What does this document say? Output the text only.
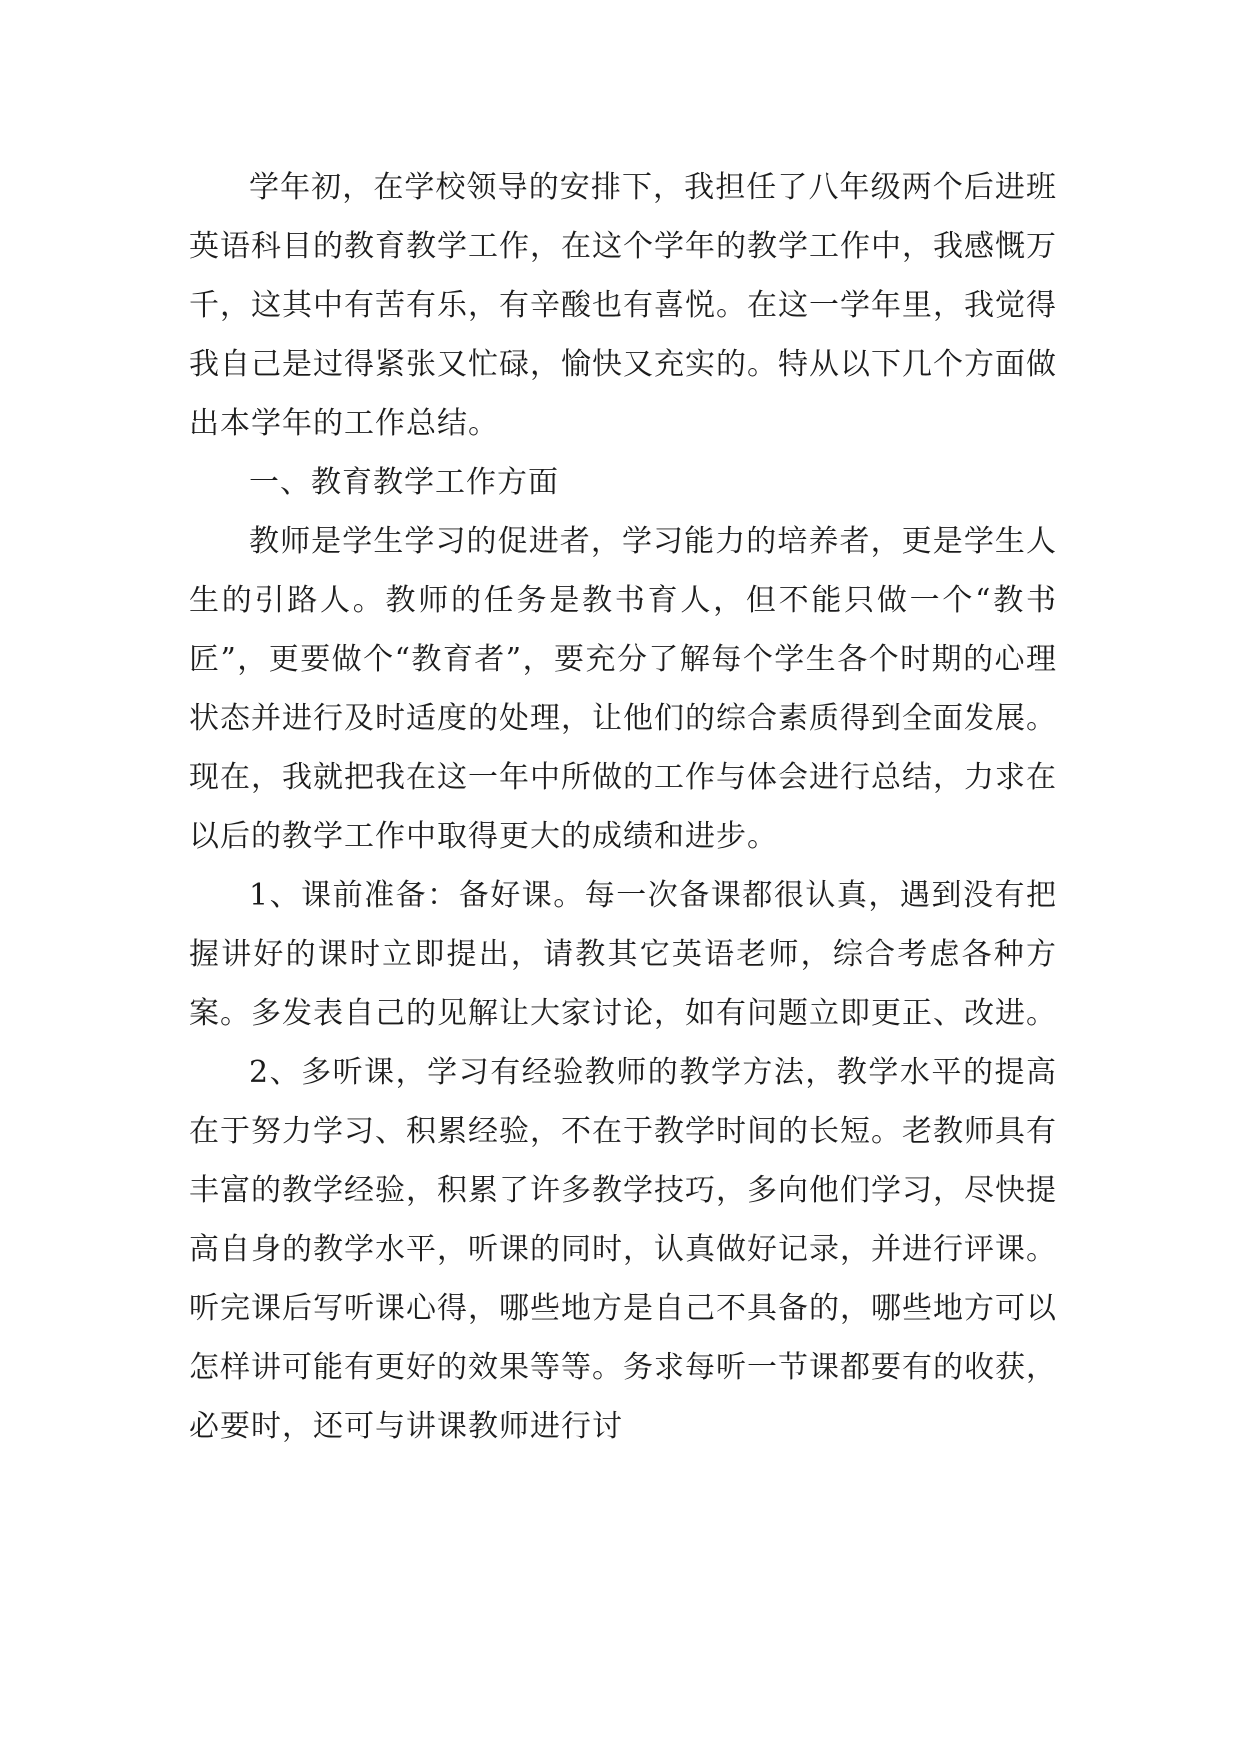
学年初，在学校领导的安排下，我担任了八年级两个后进班英语科目的教育教学工作，在这个学年的教学工作中，我感慨万千，这其中有苦有乐，有辛酸也有喜悦。在这一学年里，我觉得我自己是过得紧张又忙碌，愉快又充实的。特从以下几个方面做出本学年的工作总结。

一、教育教学工作方面

教师是学生学习的促进者，学习能力的培养者，更是学生人生的引路人。教师的任务是教书育人，但不能只做一个“教书匠”，更要做个“教育者”，要充分了解每个学生各个时期的心理状态并进行及时适度的处理，让他们的综合素质得到全面发展。现在，我就把我在这一年中所做的工作与体会进行总结，力求在以后的教学工作中取得更大的成绩和进步。

1、课前准备：备好课。每一次备课都很认真，遇到没有把握讲好的课时立即提出，请教其它英语老师，综合考虑各种方案。多发表自己的见解让大家讨论，如有问题立即更正、改进。

2、多听课，学习有经验教师的教学方法，教学水平的提高在于努力学习、积累经验，不在于教学时间的长短。老教师具有丰富的教学经验，积累了许多教学技巧，多向他们学习，尽快提高自身的教学水平，听课的同时，认真做好记录，并进行评课。听完课后写听课心得，哪些地方是自己不具备的，哪些地方可以怎样讲可能有更好的效果等等。务求每听一节课都要有的收获，必要时，还可与讲课教师进行讨
